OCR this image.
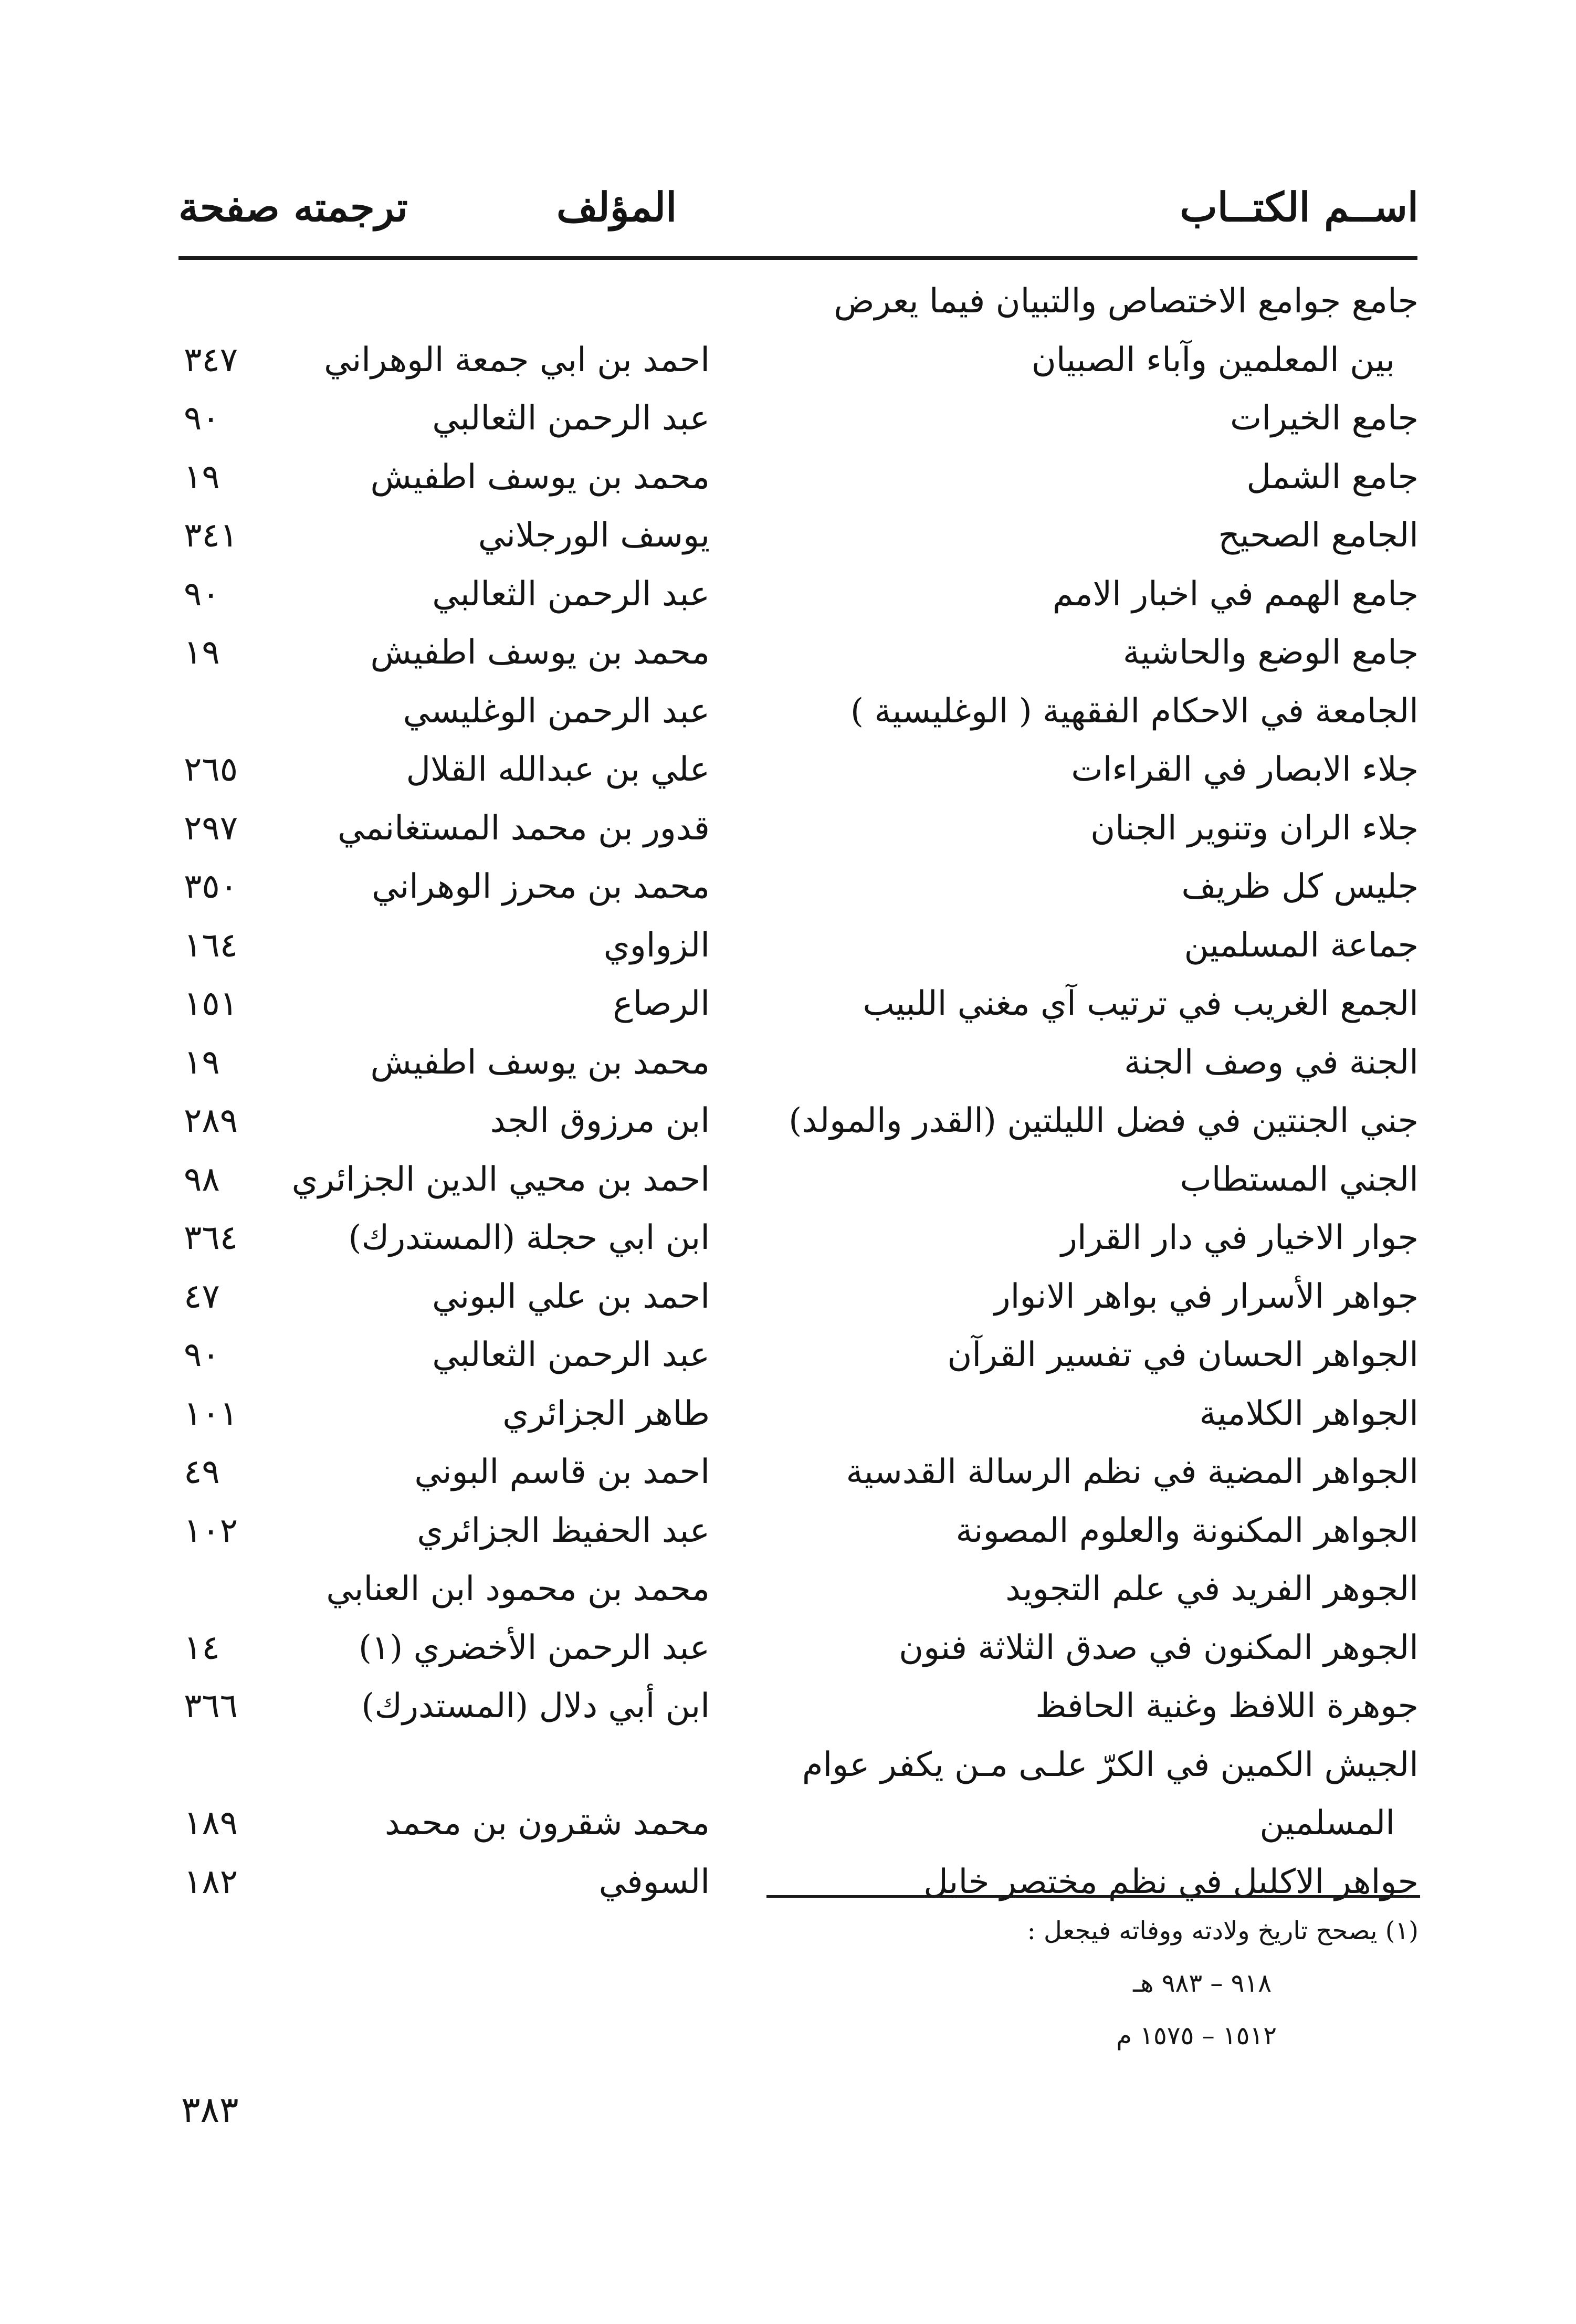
اســم الكتــاب
المؤلف
ترجمته صفحة
جامع جوامع الاختصاص والتبيان فيما يعرض
بين المعلمين وآباء الصبيان
احمد بن ابي جمعة الوهراني
٣٤٧
جامع الخيرات
عبد الرحمن الثعالبي
٩٠
جامع الشمل
محمد بن يوسف اطفيش
١٩
الجامع الصحيح
يوسف الورجلاني
٣٤١
جامع الهمم في اخبار الامم
عبد الرحمن الثعالبي
٩٠
جامع الوضع والحاشية
محمد بن يوسف اطفيش
١٩
الجامعة في الاحكام الفقهية ( الوغليسية )
عبد الرحمن الوغليسي
جلاء الابصار في القراءات
علي بن عبدالله القلال
٢٦٥
جلاء الران وتنوير الجنان
قدور بن محمد المستغانمي
٢٩٧
جليس كل ظريف
محمد بن محرز الوهراني
٣٥٠
جماعة المسلمين
الزواوي
١٦٤
الجمع الغريب في ترتيب آي مغني اللبيب
الرصاع
١٥١
الجنة في وصف الجنة
محمد بن يوسف اطفيش
١٩
جني الجنتين في فضل الليلتين (القدر والمولد)
ابن مرزوق الجد
٢٨٩
الجني المستطاب
احمد بن محيي الدين الجزائري
٩٨
جوار الاخيار في دار القرار
ابن ابي حجلة (المستدرك)
٣٦٤
جواهر الأسرار في بواهر الانوار
احمد بن علي البوني
٤٧
الجواهر الحسان في تفسير القرآن
عبد الرحمن الثعالبي
٩٠
الجواهر الكلامية
طاهر الجزائري
١٠١
الجواهر المضية في نظم الرسالة القدسية
احمد بن قاسم البوني
٤٩
الجواهر المكنونة والعلوم المصونة
عبد الحفيظ الجزائري
١٠٢
الجوهر الفريد في علم التجويد
محمد بن محمود ابن العنابي
الجوهر المكنون في صدق الثلاثة فنون
عبد الرحمن الأخضري (١)
١٤
جوهرة اللافظ وغنية الحافظ
ابن أبي دلال (المستدرك)
٣٦٦
الجيش الكمين في الكرّ علـى مـن يكفر عوام
المسلمين
محمد شقرون بن محمد
١٨٩
جواهر الاكليل في نظم مختصر خايل
السوفي
١٨٢
(١) يصحح تاريخ ولادته ووفاته فيجعل :
٩١٨ – ٩٨٣ هـ
١٥١٢ – ١٥٧٥ م
٣٨٣
